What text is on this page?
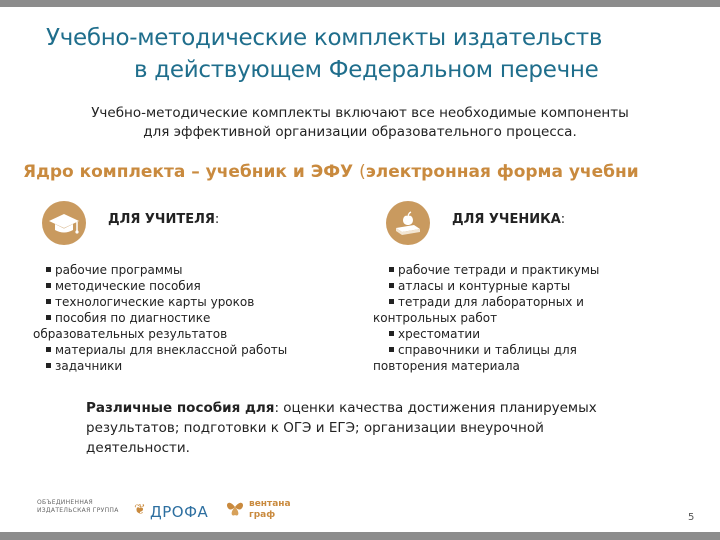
Учебно-методические комплекты издательств
в действующем Федеральном перечне
Учебно-методические комплекты включают все необходимые компоненты
для эффективной организации образовательного процесса.
Ядро комплекта – учебник и ЭФУ (электронная форма учебни
ДЛЯ УЧИТЕЛЯ:
рабочие программы
методические пособия
технологические карты уроков
пособия по диагностике
образовательных результатов
материалы для внеклассной работы
задачники
ДЛЯ УЧЕНИКА:
рабочие тетради и практикумы
атласы и контурные карты
тетради для лабораторных и
контрольных работ
хрестоматии
справочники и таблицы для
повторения материала
Различные пособия для: оценки качества достижения планируемых результатов; подготовки к ОГЭ и ЕГЭ; организации внеурочной деятельности.
ОБЪЕДИНЕННАЯ
ИЗДАТЕЛЬСКАЯ ГРУППА ❦ ДРОФА	вентана
граф	5
